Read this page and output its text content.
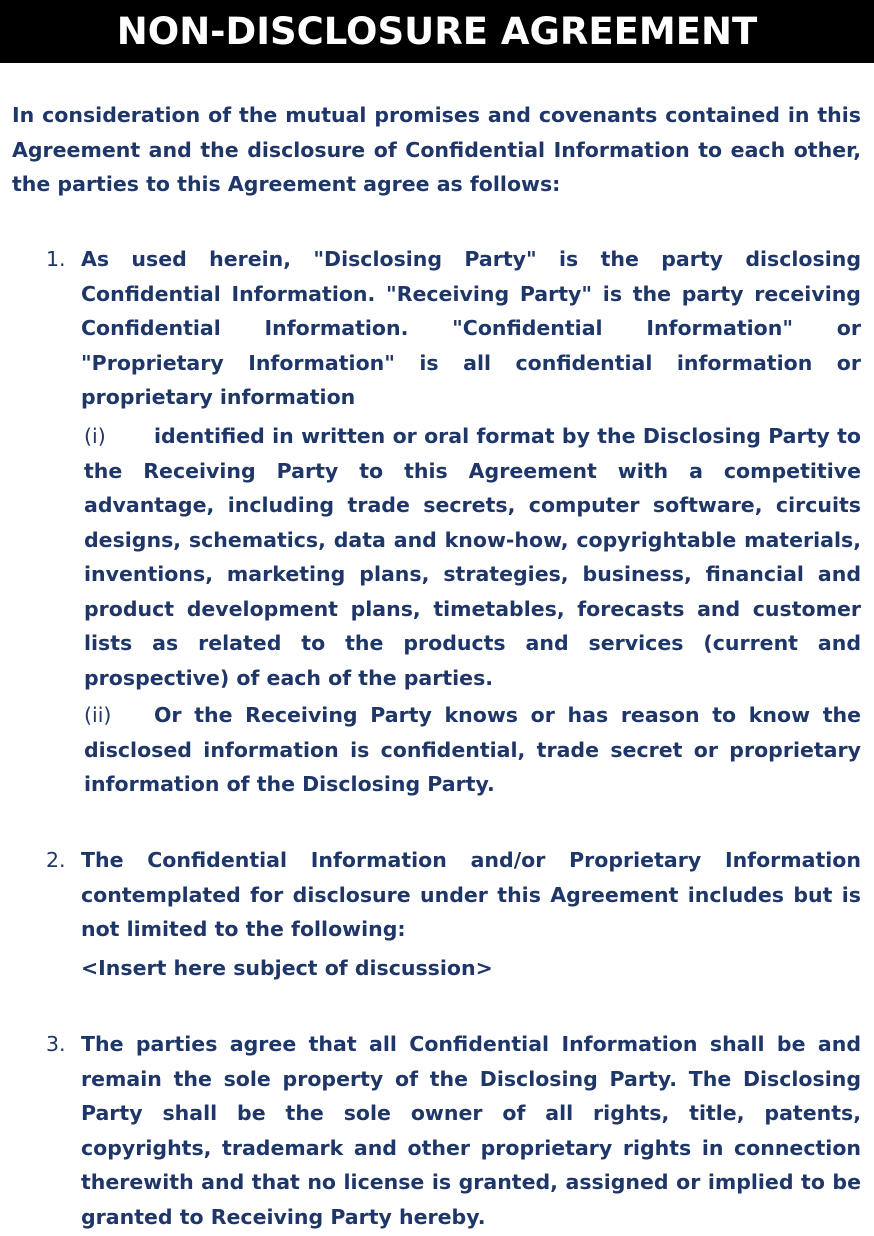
NON-DISCLOSURE AGREEMENT

In consideration of the mutual promises and covenants contained in this Agreement and the disclosure of Confidential Information to each other, the parties to this Agreement agree as follows:

1. As used herein, "Disclosing Party" is the party disclosing Confidential Information. "Receiving Party" is the party receiving Confidential Information. "Confidential Information" or "Proprietary Information" is all confidential information or proprietary information

(i) identified in written or oral format by the Disclosing Party to the Receiving Party to this Agreement with a competitive advantage, including trade secrets, computer software, circuits designs, schematics, data and know-how, copyrightable materials, inventions, marketing plans, strategies, business, financial and product development plans, timetables, forecasts and customer lists as related to the products and services (current and prospective) of each of the parties.

(ii) Or the Receiving Party knows or has reason to know the disclosed information is confidential, trade secret or proprietary information of the Disclosing Party.

2. The Confidential Information and/or Proprietary Information contemplated for disclosure under this Agreement includes but is not limited to the following:

<Insert here subject of discussion>

3. The parties agree that all Confidential Information shall be and remain the sole property of the Disclosing Party. The Disclosing Party shall be the sole owner of all rights, title, patents, copyrights, trademark and other proprietary rights in connection therewith and that no license is granted, assigned or implied to be granted to Receiving Party hereby.
